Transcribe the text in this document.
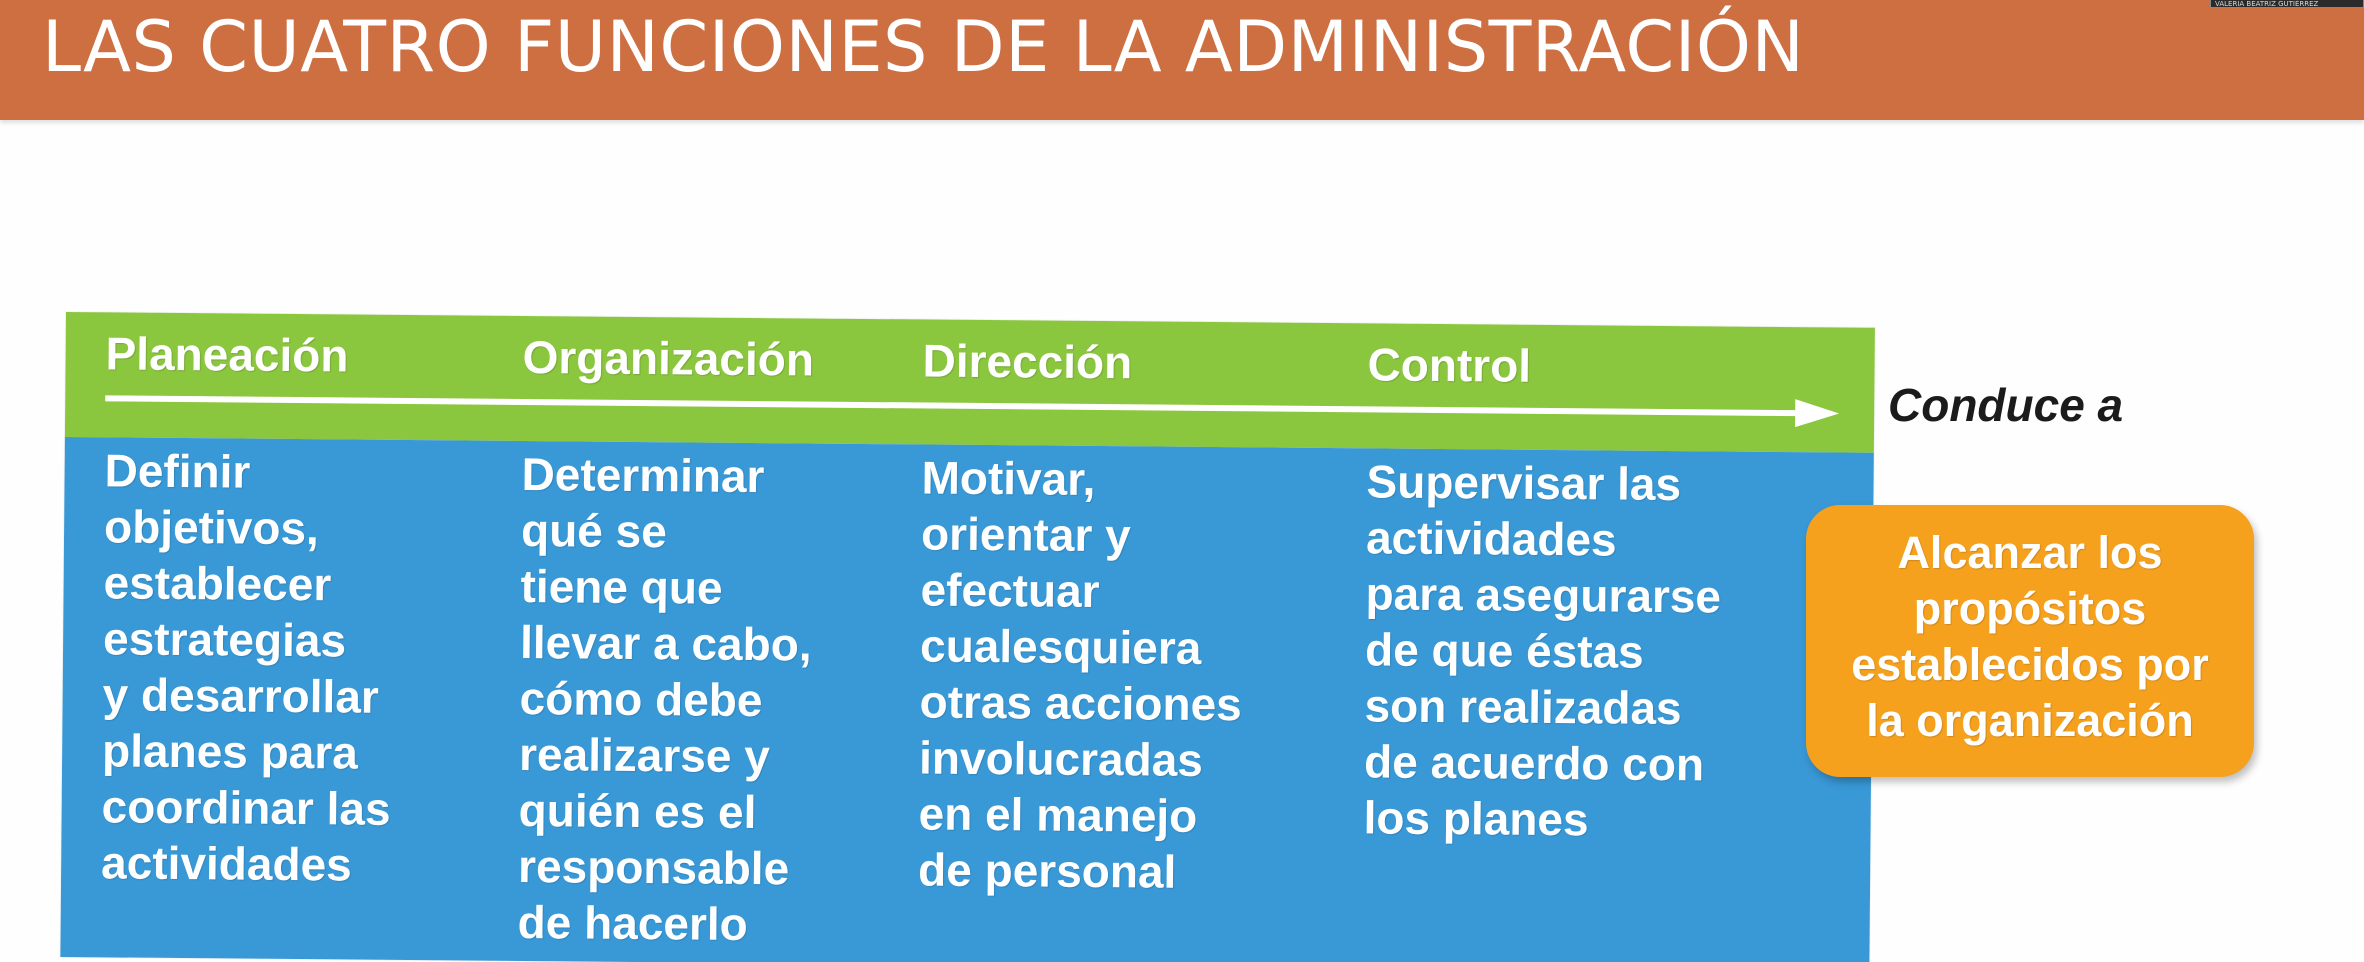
LAS CUATRO FUNCIONES DE LA ADMINISTRACIÓN
VALERIA BEATRIZ GUTIÉRREZ
Planeación	Organización Dirección	Control
Definir
objetivos,
establecer
estrategias
y desarrollar
planes para
coordinar las
actividades
Determinar
qué se
tiene que
llevar a cabo,
cómo debe
realizarse y
quién es el
responsable
de hacerlo
Motivar,
orientar y
efectuar
cualesquiera
otras acciones
involucradas
en el manejo
de personal
Supervisar las
actividades
para asegurarse
de que éstas
son realizadas
de acuerdo con
los planes
Conduce a
Alcanzar los
propósitos
establecidos por
la organización
